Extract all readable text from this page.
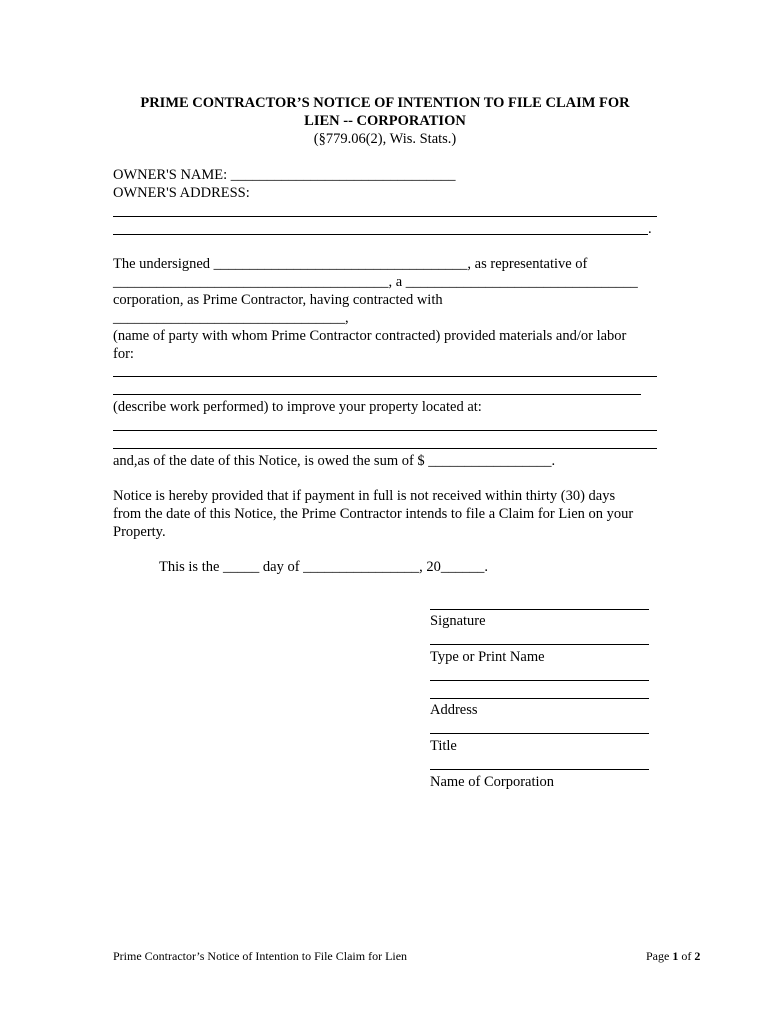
PRIME CONTRACTOR’S NOTICE OF INTENTION TO FILE CLAIM FOR
LIEN -- CORPORATION
(§779.06(2), Wis. Stats.)
OWNER'S NAME: _______________________________
OWNER'S ADDRESS:
.
The undersigned ___________________________________, as representative of
______________________________________, a ________________________________
corporation, as Prime Contractor, having contracted with
________________________________,
(name of party with whom Prime Contractor contracted) provided materials and/or labor
for:
(describe work performed) to improve your property located at:
and,as of the date of this Notice, is owed the sum of $ _________________.
Notice is hereby provided that if payment in full is not received within thirty (30) days
from the date of this Notice, the Prime Contractor intends to file a Claim for Lien on your
Property.
This is the _____ day of ________________, 20______.
Signature
Type or Print Name
Address
Title
Name of Corporation
Prime Contractor’s Notice of Intention to File Claim for Lien	Page 1 of 2
